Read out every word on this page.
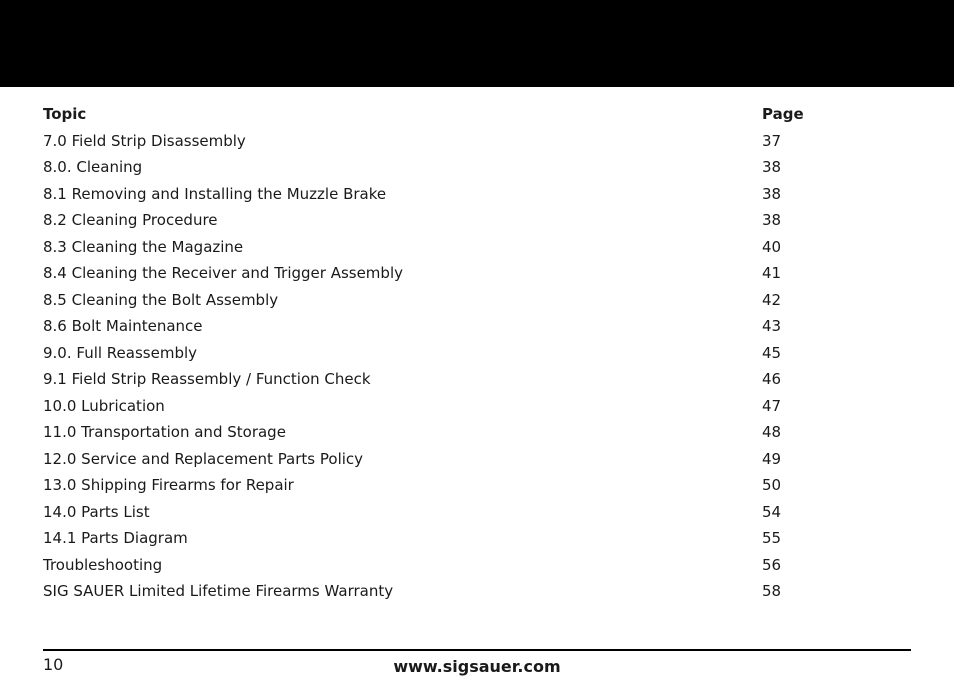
Topic	Page
7.0 Field Strip Disassembly	37
8.0. Cleaning	38
8.1 Removing and Installing the Muzzle Brake	38
8.2 Cleaning Procedure	38
8.3 Cleaning the Magazine	40
8.4 Cleaning the Receiver and Trigger Assembly	41
8.5 Cleaning the Bolt Assembly	42
8.6 Bolt Maintenance	43
9.0. Full Reassembly	45
9.1 Field Strip Reassembly / Function Check	46
10.0 Lubrication	47
11.0 Transportation and Storage	48
12.0 Service and Replacement Parts Policy	49
13.0 Shipping Firearms for Repair	50
14.0 Parts List	54
14.1 Parts Diagram	55
Troubleshooting	56
SIG SAUER Limited Lifetime Firearms Warranty	58
10	www.sigsauer.com
